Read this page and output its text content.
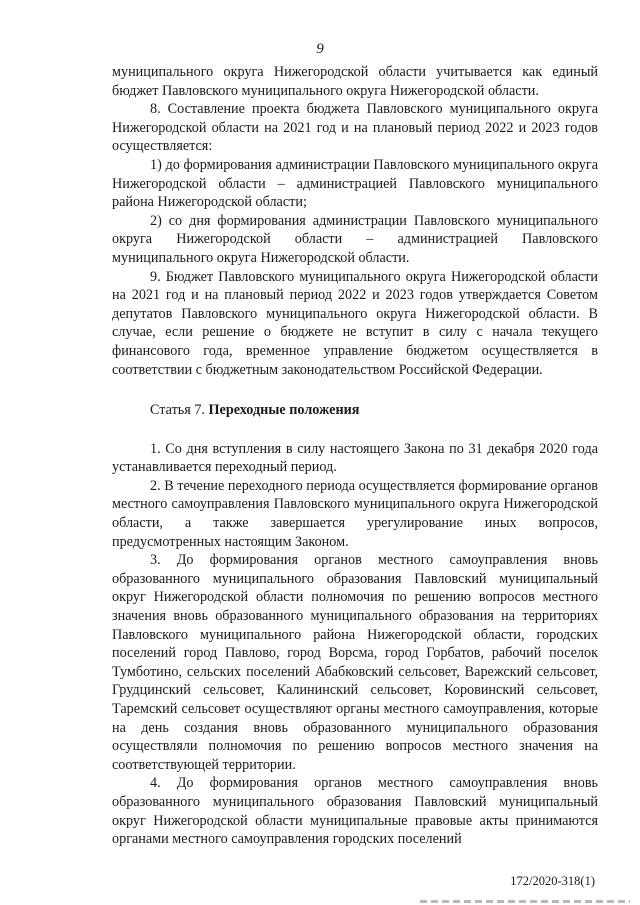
9

муниципального округа Нижегородской области учитывается как единый бюджет Павловского муниципального округа Нижегородской области.

8. Составление проекта бюджета Павловского муниципального округа Нижегородской области на 2021 год и на плановый период 2022 и 2023 годов осуществляется:

1) до формирования администрации Павловского муниципального округа Нижегородской области – администрацией Павловского муниципального района Нижегородской области;

2) со дня формирования администрации Павловского муниципального округа Нижегородской области – администрацией Павловского муниципального округа Нижегородской области.

9. Бюджет Павловского муниципального округа Нижегородской области на 2021 год и на плановый период 2022 и 2023 годов утверждается Советом депутатов Павловского муниципального округа Нижегородской области. В случае, если решение о бюджете не вступит в силу с начала текущего финансового года, временное управление бюджетом осуществляется в соответствии с бюджетным законодательством Российской Федерации.

Статья 7. Переходные положения

1. Со дня вступления в силу настоящего Закона по 31 декабря 2020 года устанавливается переходный период.

2. В течение переходного периода осуществляется формирование органов местного самоуправления Павловского муниципального округа Нижегородской области, а также завершается урегулирование иных вопросов, предусмотренных настоящим Законом.

3. До формирования органов местного самоуправления вновь образованного муниципального образования Павловский муниципальный округ Нижегородской области полномочия по решению вопросов местного значения вновь образованного муниципального образования на территориях Павловского муниципального района Нижегородской области, городских поселений город Павлово, город Ворсма, город Горбатов, рабочий поселок Тумботино, сельских поселений Абабковский сельсовет, Варежский сельсовет, Грудцинский сельсовет, Калининский сельсовет, Коровинский сельсовет, Таремский сельсовет осуществляют органы местного самоуправления, которые на день создания вновь образованного муниципального образования осуществляли полномочия по решению вопросов местного значения на соответствующей территории.

4. До формирования органов местного самоуправления вновь образованного муниципального образования Павловский муниципальный округ Нижегородской области муниципальные правовые акты принимаются органами местного самоуправления городских поселений

172/2020-318(1)
